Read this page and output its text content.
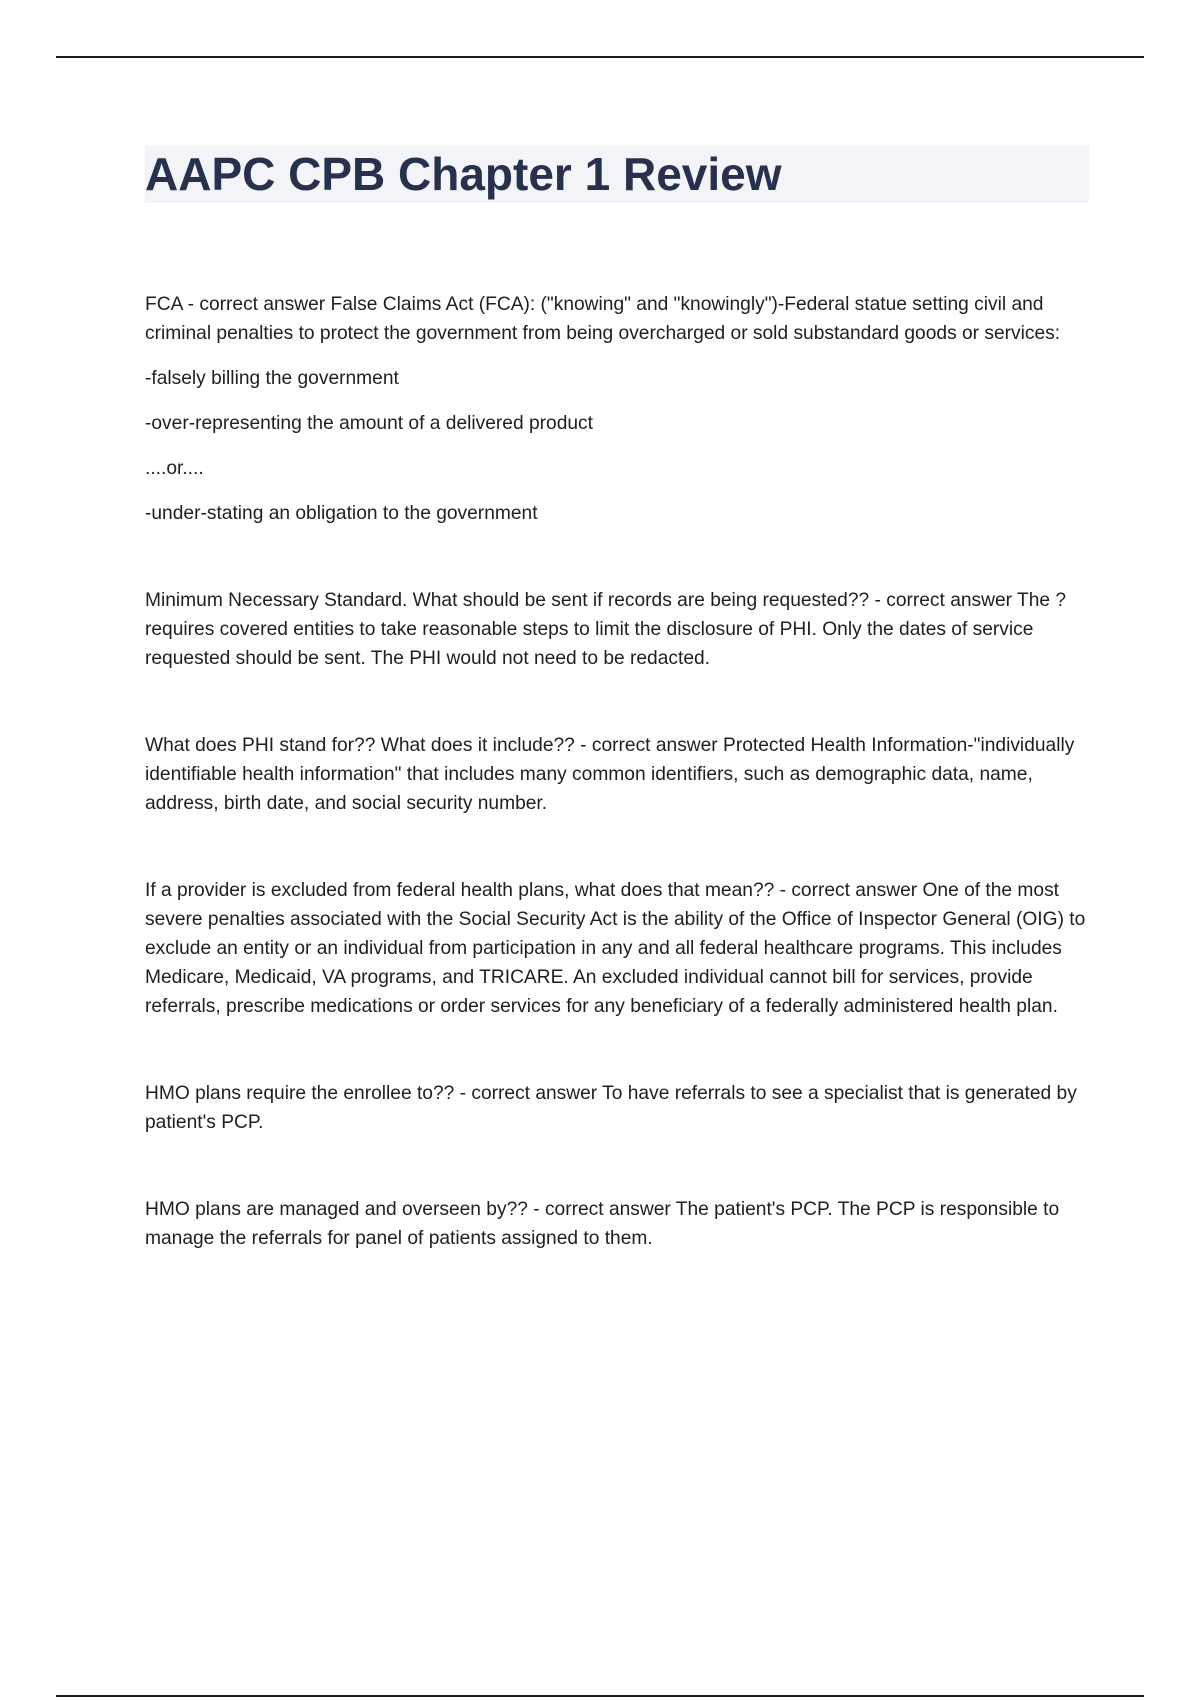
AAPC CPB Chapter 1 Review

FCA - correct answer False Claims Act (FCA): ("knowing" and "knowingly")-Federal statue setting civil and criminal penalties to protect the government from being overcharged or sold substandard goods or services:

-falsely billing the government

-over-representing the amount of a delivered product

....or....

-under-stating an obligation to the government

Minimum Necessary Standard. What should be sent if records are being requested?? - correct answer The ? requires covered entities to take reasonable steps to limit the disclosure of PHI. Only the dates of service requested should be sent. The PHI would not need to be redacted.

What does PHI stand for?? What does it include?? - correct answer Protected Health Information-"individually identifiable health information" that includes many common identifiers, such as demographic data, name, address, birth date, and social security number.

If a provider is excluded from federal health plans, what does that mean?? - correct answer One of the most severe penalties associated with the Social Security Act is the ability of the Office of Inspector General (OIG) to exclude an entity or an individual from participation in any and all federal healthcare programs. This includes Medicare, Medicaid, VA programs, and TRICARE. An excluded individual cannot bill for services, provide referrals, prescribe medications or order services for any beneficiary of a federally administered health plan.

HMO plans require the enrollee to?? - correct answer To have referrals to see a specialist that is generated by patient's PCP.

HMO plans are managed and overseen by?? - correct answer The patient's PCP. The PCP is responsible to manage the referrals for panel of patients assigned to them.
